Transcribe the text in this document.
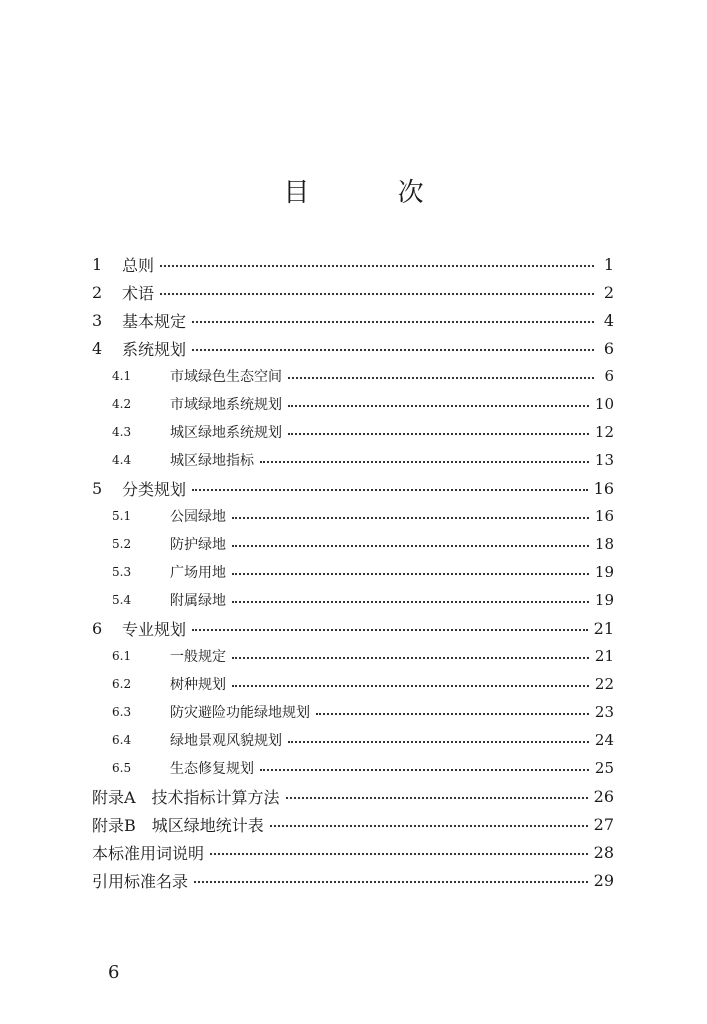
目 次
1	总则	1
2	术语	2
3	基本规定	4
4	系统规划	6
4.1	市域绿色生态空间	6
4.2	市域绿地系统规划	10
4.3	城区绿地系统规划	12
4.4	城区绿地指标	13
5	分类规划	16
5.1	公园绿地	16
5.2	防护绿地	18
5.3	广场用地	19
5.4	附属绿地	19
6	专业规划	21
6.1	一般规定	21
6.2	树种规划	22
6.3	防灾避险功能绿地规划	23
6.4	绿地景观风貌规划	24
6.5	生态修复规划	25
附录A　技术指标计算方法	26
附录B　城区绿地统计表	27
本标准用词说明	28
引用标准名录	29
6
